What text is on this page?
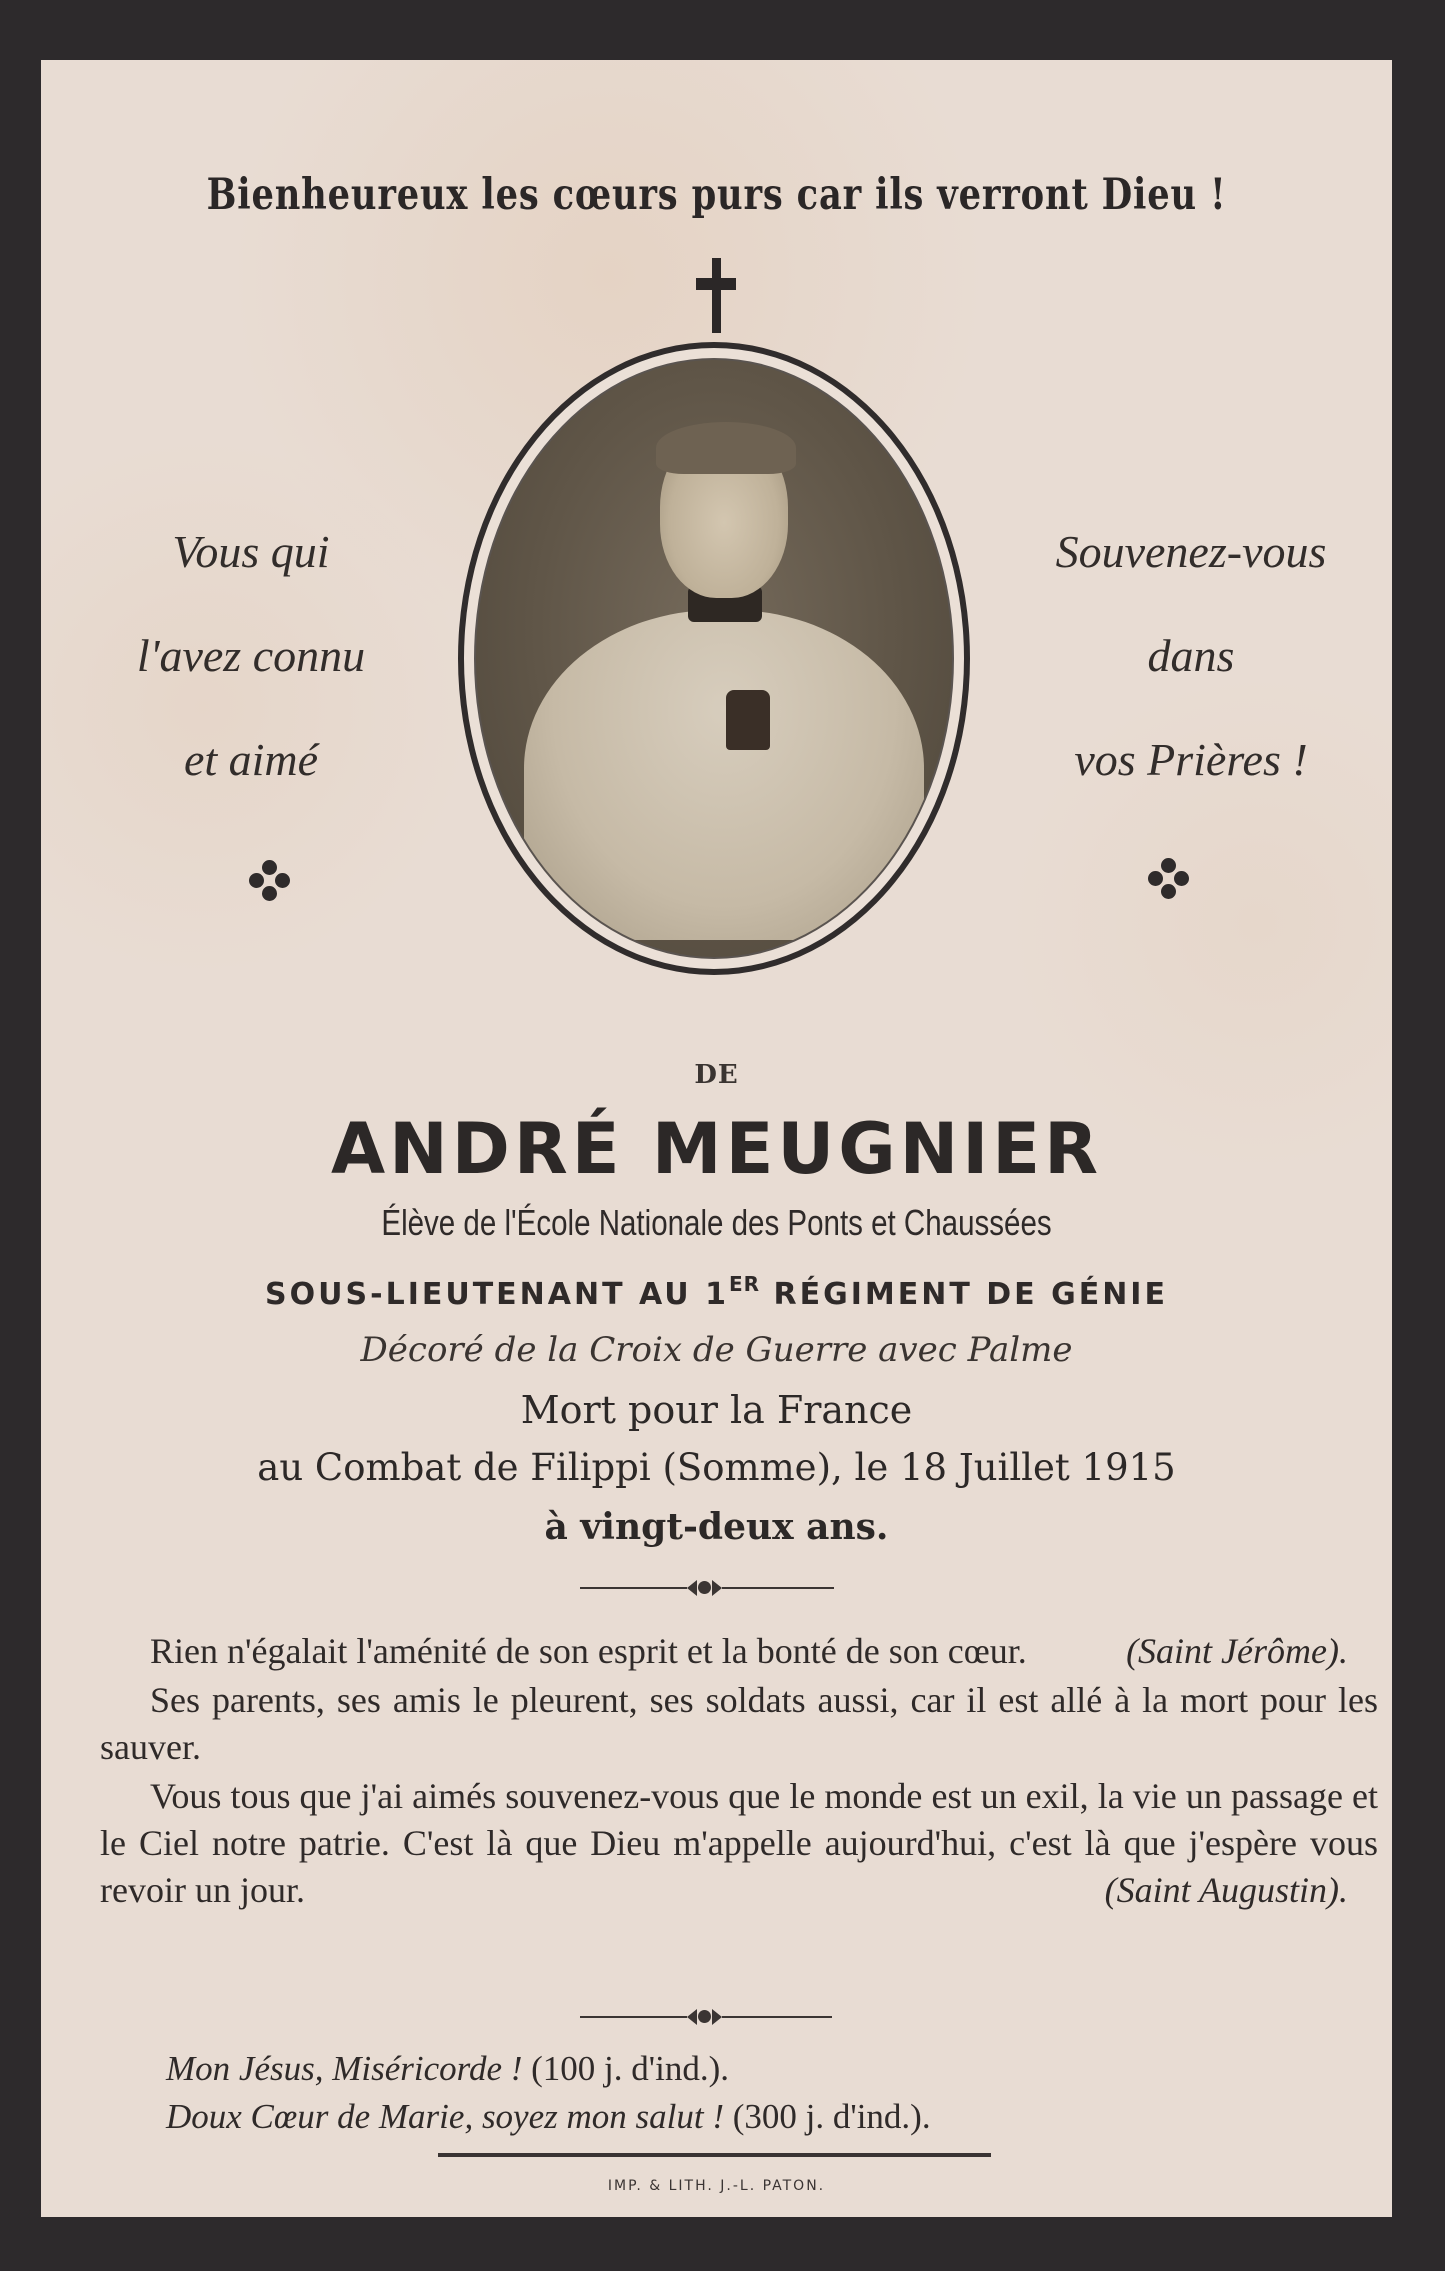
Bienheureux les cœurs purs car ils verront Dieu !
Vous qui
l'avez connu
et aimé
Souvenez-vous
dans
vos Prières !
DE
ANDRÉ MEUGNIER
Élève de l'École Nationale des Ponts et Chaussées
SOUS-LIEUTENANT AU 1ER RÉGIMENT DE GÉNIE
Décoré de la Croix de Guerre avec Palme
Mort pour la France
au Combat de Filippi (Somme), le 18 Juillet 1915
à vingt-deux ans.

Rien n'égalait l'aménité de son esprit et la bonté de son cœur.	(Saint Jérôme).

Ses parents, ses amis le pleurent, ses soldats aussi, car il est allé à la mort pour les sauver.

Vous tous que j'ai aimés souvenez-vous que le monde est un exil, la vie un passage et le Ciel notre patrie. C'est là que Dieu m'appelle aujourd'hui, c'est là que j'espère vous revoir un jour.	(Saint Augustin).

Mon Jésus, Miséricorde ! (100 j. d'ind.).
Doux Cœur de Marie, soyez mon salut ! (300 j. d'ind.).
IMP. & LITH. J.-L. PATON.
